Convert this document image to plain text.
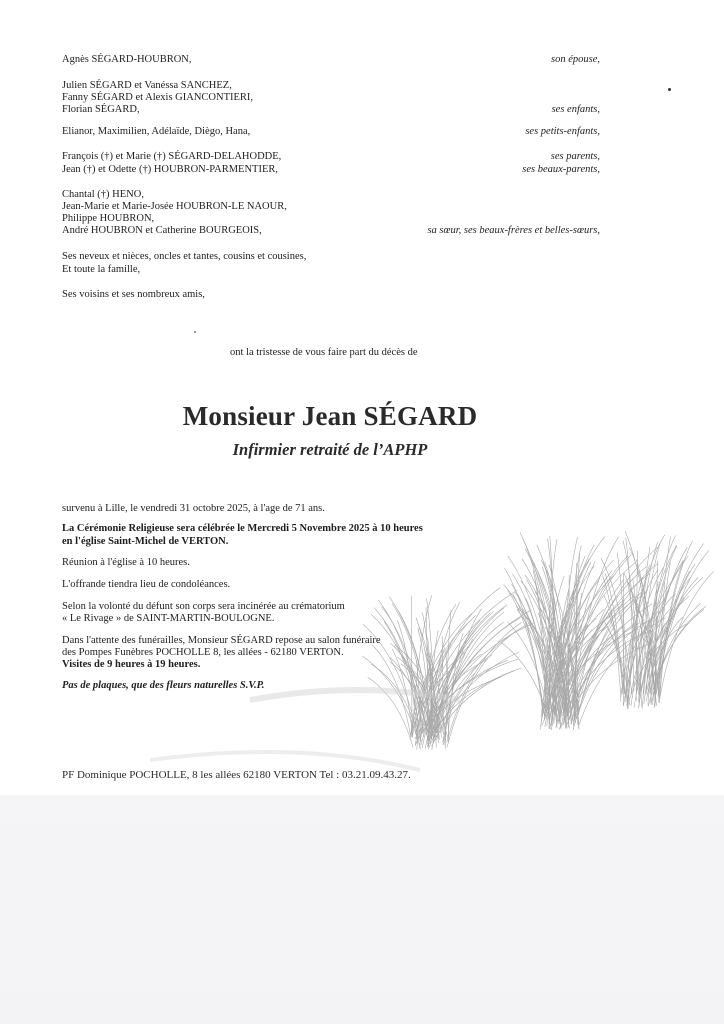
Agnès SÉGARD-HOUBRON,	son épouse,
Julien SÉGARD et Vanéssa SANCHEZ,
Fanny SÉGARD et Alexis GIANCONTIERI,
Florian SÉGARD,	ses enfants,
Elianor, Maximilien, Adélaïde, Diègo, Hana,	ses petits-enfants,
François (†) et Marie (†) SÉGARD-DELAHODDE,	ses parents,
Jean (†) et Odette (†) HOUBRON-PARMENTIER,	ses beaux-parents,
Chantal (†) HENO,
Jean-Marie et Marie-Josée HOUBRON-LE NAOUR,
Philippe HOUBRON,
André HOUBRON et Catherine BOURGEOIS,	sa sœur, ses beaux-frères et belles-sœurs,
Ses neveux et nièces, oncles et tantes, cousins et cousines,
Et toute la famille,
Ses voisins et ses nombreux amis,
ont la tristesse de vous faire part du décès de
Monsieur Jean SÉGARD
Infirmier retraité de l’APHP
survenu à Lille, le vendredi 31 octobre 2025, à l'age de 71 ans.
La Cérémonie Religieuse sera célébrée le Mercredi 5 Novembre 2025 à 10 heures
en l'église Saint-Michel de VERTON.
Réunion à l'église à 10 heures.
L'offrande tiendra lieu de condoléances.
Selon la volonté du défunt son corps sera incinérée au crématorium
« Le Rivage » de SAINT-MARTIN-BOULOGNE.
Dans l'attente des funérailles, Monsieur SÉGARD repose au salon funéraire
des Pompes Funèbres POCHOLLE 8, les allées - 62180 VERTON.
Visites de 9 heures à 19 heures.
Pas de plaques, que des fleurs naturelles S.V.P.
PF Dominique POCHOLLE, 8 les allées 62180 VERTON Tel : 03.21.09.43.27.
